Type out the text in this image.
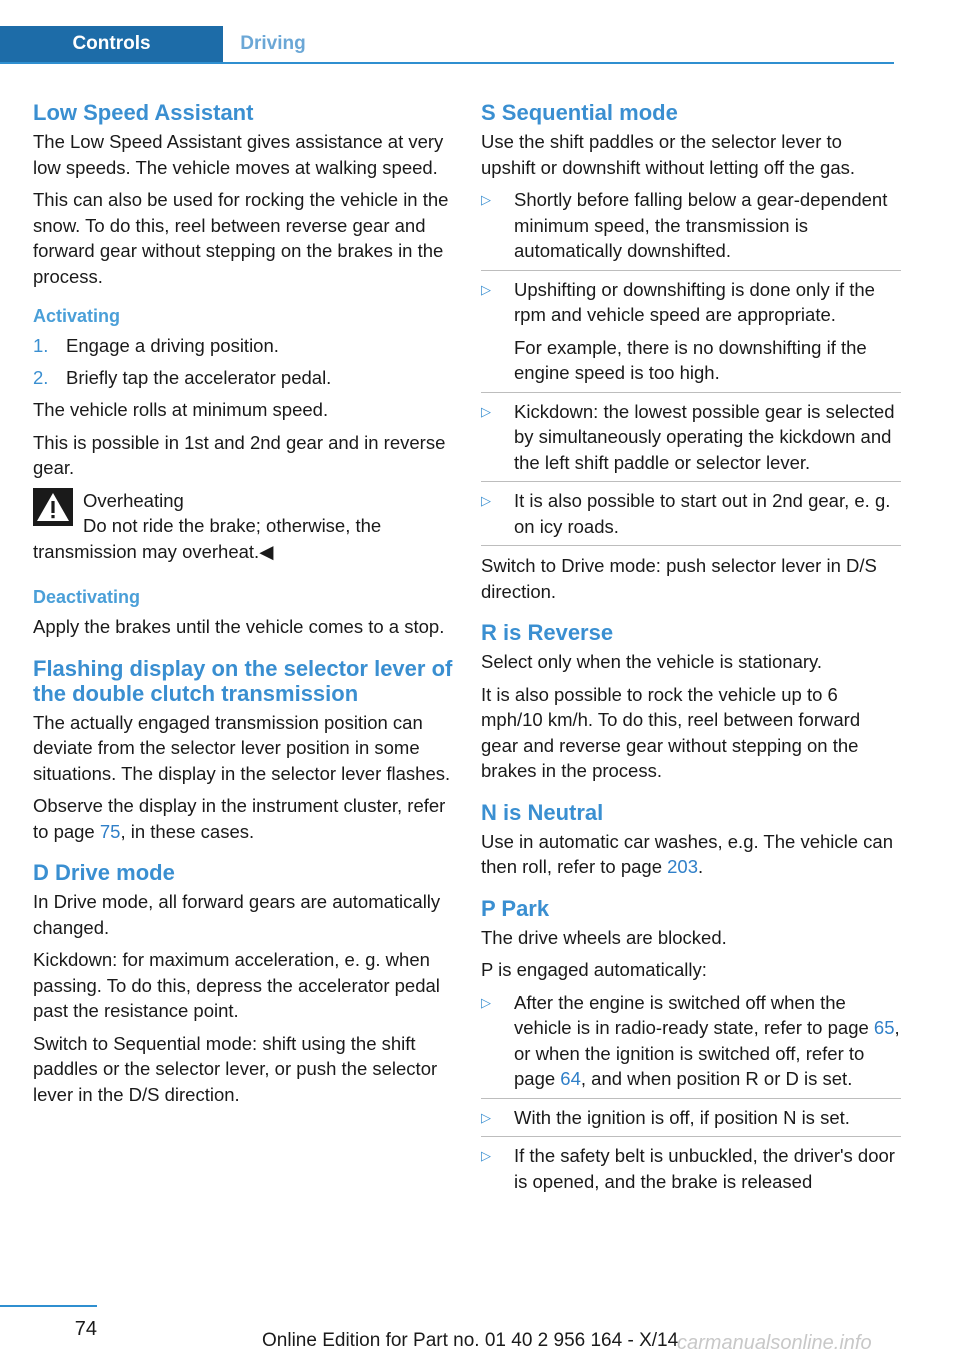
Controls	Driving
Low Speed Assistant

The Low Speed Assistant gives assistance at very low speeds. The vehicle moves at walking speed.

This can also be used for rocking the vehicle in the snow. To do this, reel between reverse gear and forward gear without stepping on the brakes in the process.

Activating
1. Engage a driving position.
2. Briefly tap the accelerator pedal.

The vehicle rolls at minimum speed.

This is possible in 1st and 2nd gear and in reverse gear.

Overheating

Do not ride the brake; otherwise, the transmission may overheat.◀

Deactivating

Apply the brakes until the vehicle comes to a stop.

Flashing display on the selector lever of the double clutch transmission

The actually engaged transmission position can deviate from the selector lever position in some situations. The display in the selector lever flashes.

Observe the display in the instrument cluster, refer to page 75, in these cases.

D Drive mode

In Drive mode, all forward gears are automatically changed.

Kickdown: for maximum acceleration, e. g. when passing. To do this, depress the accelerator pedal past the resistance point.

Switch to Sequential mode: shift using the shift paddles or the selector lever, or push the selector lever in the D/S direction.

S Sequential mode

Use the shift paddles or the selector lever to upshift or downshift without letting off the gas.

▷ Shortly before falling below a gear-dependent minimum speed, the transmission is automatically downshifted.
▷ Upshifting or downshifting is done only if the rpm and vehicle speed are appropriate.

For example, there is no downshifting if the engine speed is too high.

▷ Kickdown: the lowest possible gear is selected by simultaneously operating the kickdown and the left shift paddle or selector lever.
▷ It is also possible to start out in 2nd gear, e. g. on icy roads.

Switch to Drive mode: push selector lever in D/S direction.

R is Reverse

Select only when the vehicle is stationary.

It is also possible to rock the vehicle up to 6 mph/10 km/h. To do this, reel between forward gear and reverse gear without stepping on the brakes in the process.

N is Neutral

Use in automatic car washes, e.g. The vehicle can then roll, refer to page 203.

P Park

The drive wheels are blocked.

P is engaged automatically:

▷ After the engine is switched off when the vehicle is in radio-ready state, refer to page 65, or when the ignition is switched off, refer to page 64, and when position R or D is set.
▷ With the ignition is off, if position N is set.
▷ If the safety belt is unbuckled, the driver's door is opened, and the brake is released
74
Online Edition for Part no. 01 40 2 956 164 - X/14
carmanualsonline.info
